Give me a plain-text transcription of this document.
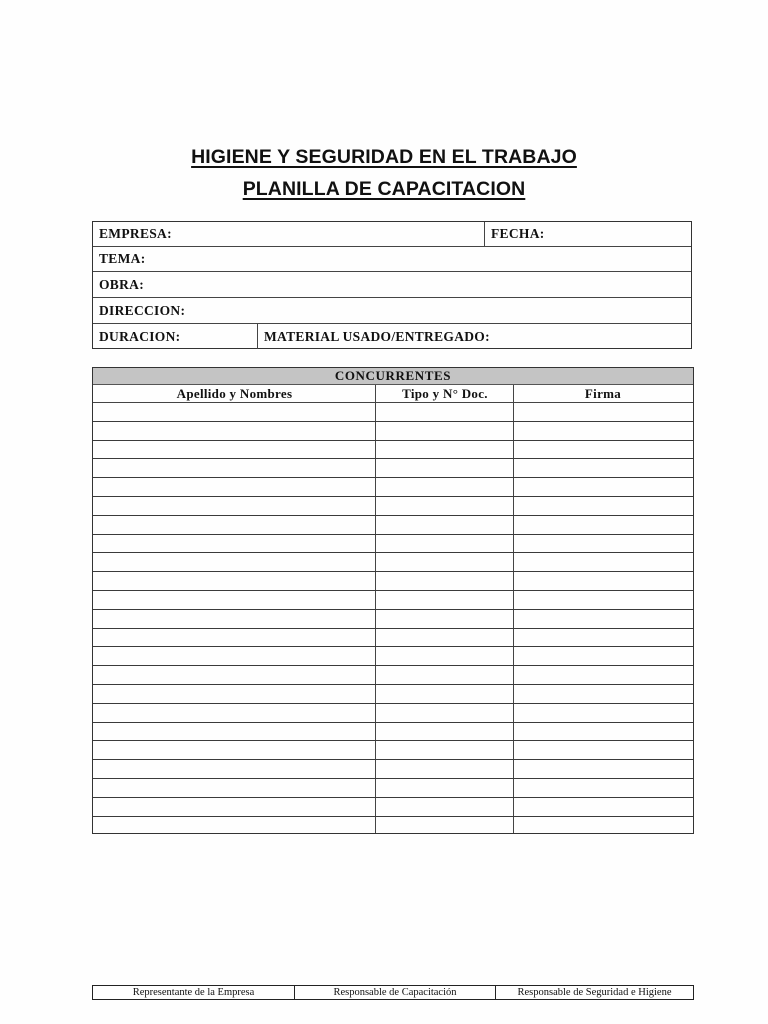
HIGIENE Y SEGURIDAD EN EL TRABAJO
PLANILLA DE CAPACITACION
EMPRESA:	FECHA:
TEMA:
OBRA:
DIRECCION:
DURACION:	MATERIAL USADO/ENTREGADO:
CONCURRENTES
Apellido y Nombres	Tipo y N° Doc.	Firma
Representante de la Empresa	Responsable de Capacitación	Responsable de Seguridad e Higiene
